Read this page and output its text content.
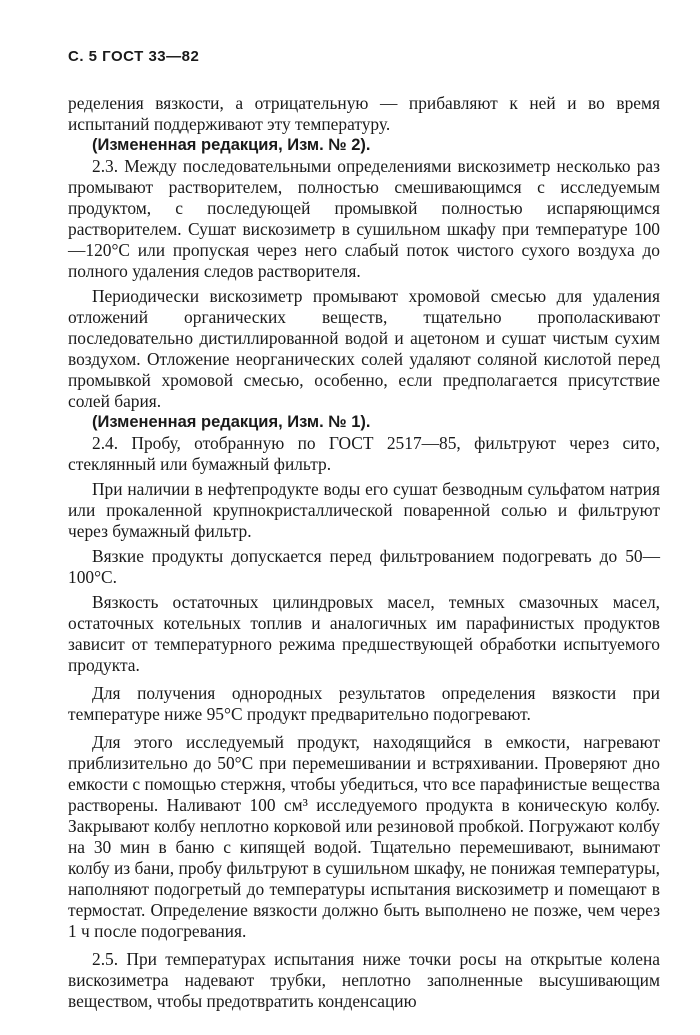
С. 5 ГОСТ 33—82

ределения вязкости, а отрицательную — прибавляют к ней и во время испытаний поддерживают эту температуру.

(Измененная редакция, Изм. № 2).

2.3. Между последовательными определениями вискозиметр несколько раз промывают растворителем, полностью смешивающимся с исследуемым продуктом, с последующей промывкой полностью испаряющимся растворителем. Сушат вискозиметр в сушильном шкафу при температуре 100—120°С или пропуская через него слабый поток чистого сухого воздуха до полного удаления следов растворителя.

Периодически вискозиметр промывают хромовой смесью для удаления отложений органических веществ, тщательно прополаскивают последовательно дистиллированной водой и ацетоном и сушат чистым сухим воздухом. Отложение неорганических солей удаляют соляной кислотой перед промывкой хромовой смесью, особенно, если предполагается присутствие солей бария.

(Измененная редакция, Изм. № 1).

2.4. Пробу, отобранную по ГОСТ 2517—85, фильтруют через сито, стеклянный или бумажный фильтр.

При наличии в нефтепродукте воды его сушат безводным сульфатом натрия или прокаленной крупнокристаллической поваренной солью и фильтруют через бумажный фильтр.

Вязкие продукты допускается перед фильтрованием подогревать до 50—100°С.

Вязкость остаточных цилиндровых масел, темных смазочных масел, остаточных котельных топлив и аналогичных им парафинистых продуктов зависит от температурного режима предшествующей обработки испытуемого продукта.

Для получения однородных результатов определения вязкости при температуре ниже 95°С продукт предварительно подогревают.

Для этого исследуемый продукт, находящийся в емкости, нагревают приблизительно до 50°С при перемешивании и встряхивании. Проверяют дно емкости с помощью стержня, чтобы убедиться, что все парафинистые вещества растворены. Наливают 100 см³ исследуемого продукта в коническую колбу. Закрывают колбу неплотно корковой или резиновой пробкой. Погружают колбу на 30 мин в баню с кипящей водой. Тщательно перемешивают, вынимают колбу из бани, пробу фильтруют в сушильном шкафу, не понижая температуры, наполняют подогретый до температуры испытания вискозиметр и помещают в термостат. Определение вязкости должно быть выполнено не позже, чем через 1 ч после подогревания.

2.5. При температурах испытания ниже точки росы на открытые колена вискозиметра надевают трубки, неплотно заполненные высушивающим веществом, чтобы предотвратить конденсацию
